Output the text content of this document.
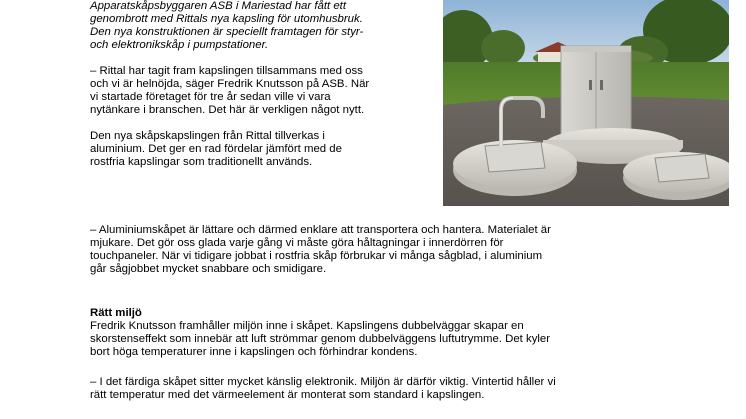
Apparatskåpsbyggaren ASB i Mariestad har fått ett
genombrott med Rittals nya kapsling för utomhusbruk.
Den nya konstruktionen är speciellt framtagen för styr-
och elektronikskåp i pumpstationer.

– Rittal har tagit fram kapslingen tillsammans med oss
och vi är helnöjda, säger Fredrik Knutsson på ASB. När
vi startade företaget för tre år sedan ville vi vara
nytänkare i branschen. Det här är verkligen något nytt.

Den nya skåpskapslingen från Rittal tillverkas i
aluminium. Det ger en rad fördelar jämfört med de
rostfria kapslingar som traditionellt används.

– Aluminiumskåpet är lättare och därmed enklare att transportera och hantera. Materialet är
mjukare. Det gör oss glada varje gång vi måste göra håltagningar i innerdörren för
touchpaneler. När vi tidigare jobbat i rostfria skåp förbrukar vi många sågblad, i aluminium
går sågjobbet mycket snabbare och smidigare.

Rätt miljö

Fredrik Knutsson framhåller miljön inne i skåpet. Kapslingens dubbelväggar skapar en
skorstenseffekt som innebär att luft strömmar genom dubbelväggens luftutrymme. Det kyler
bort höga temperaturer inne i kapslingen och förhindrar kondens.

– I det färdiga skåpet sitter mycket känslig elektronik. Miljön är därför viktig. Vintertid håller vi
rätt temperatur med det värmeelement är monterat som standard i kapslingen.
